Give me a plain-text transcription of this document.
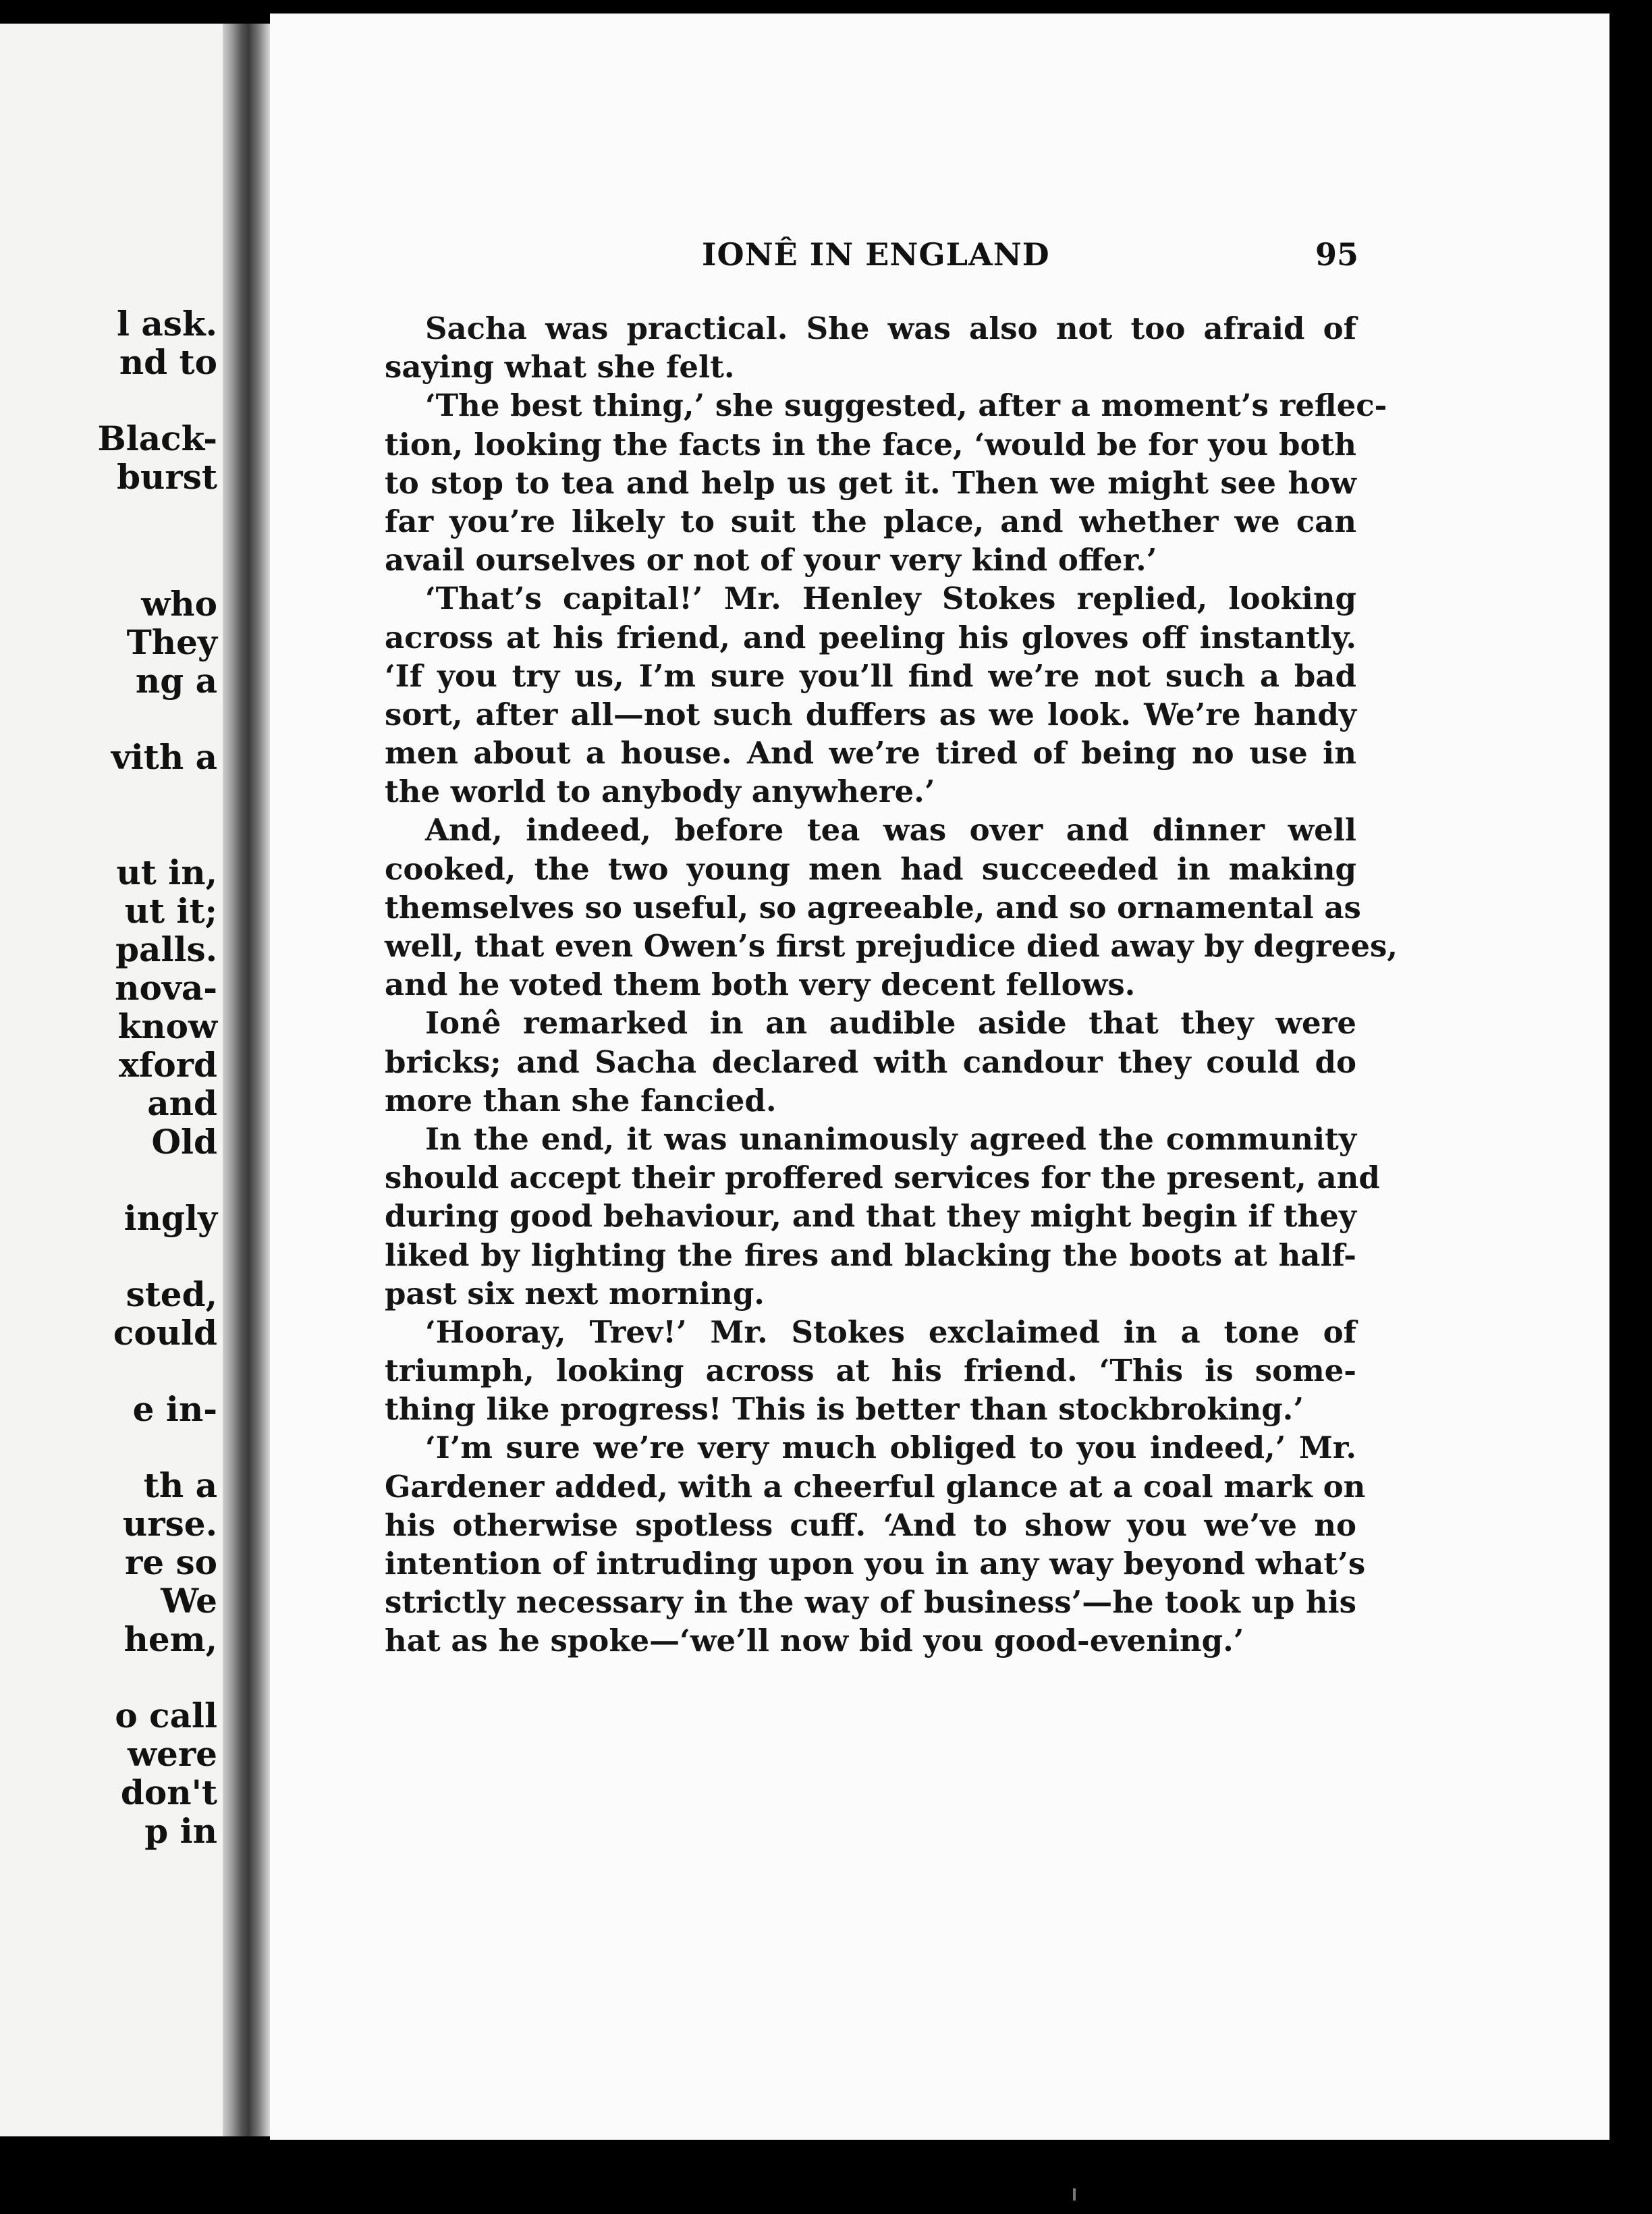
l ask.
nd to
Black-
burst
who
They
ng a
vith a
ut in,
ut it;
palls.
nova-
know
xford
and
Old
ingly
sted,
could
e in-
th a
urse.
re so
We
hem,
o call
were
don't
p in
IONÊ IN ENGLAND	95
Sacha was practical. She was also not too afraid of
saying what she felt.
‘The best thing,’ she suggested, after a moment’s reflec-
tion, looking the facts in the face, ‘would be for you both
to stop to tea and help us get it. Then we might see how
far you’re likely to suit the place, and whether we can
avail ourselves or not of your very kind offer.’
‘That’s capital!’ Mr. Henley Stokes replied, looking
across at his friend, and peeling his gloves off instantly.
‘If you try us, I’m sure you’ll find we’re not such a bad
sort, after all—not such duffers as we look. We’re handy
men about a house. And we’re tired of being no use in
the world to anybody anywhere.’
And, indeed, before tea was over and dinner well
cooked, the two young men had succeeded in making
themselves so useful, so agreeable, and so ornamental as
well, that even Owen’s first prejudice died away by degrees,
and he voted them both very decent fellows.
Ionê remarked in an audible aside that they were
bricks; and Sacha declared with candour they could do
more than she fancied.
In the end, it was unanimously agreed the community
should accept their proffered services for the present, and
during good behaviour, and that they might begin if they
liked by lighting the fires and blacking the boots at half-
past six next morning.
‘Hooray, Trev!’ Mr. Stokes exclaimed in a tone of
triumph, looking across at his friend. ‘This is some-
thing like progress! This is better than stockbroking.’
‘I’m sure we’re very much obliged to you indeed,’ Mr.
Gardener added, with a cheerful glance at a coal mark on
his otherwise spotless cuff. ‘And to show you we’ve no
intention of intruding upon you in any way beyond what’s
strictly necessary in the way of business’—he took up his
hat as he spoke—‘we’ll now bid you good-evening.’
